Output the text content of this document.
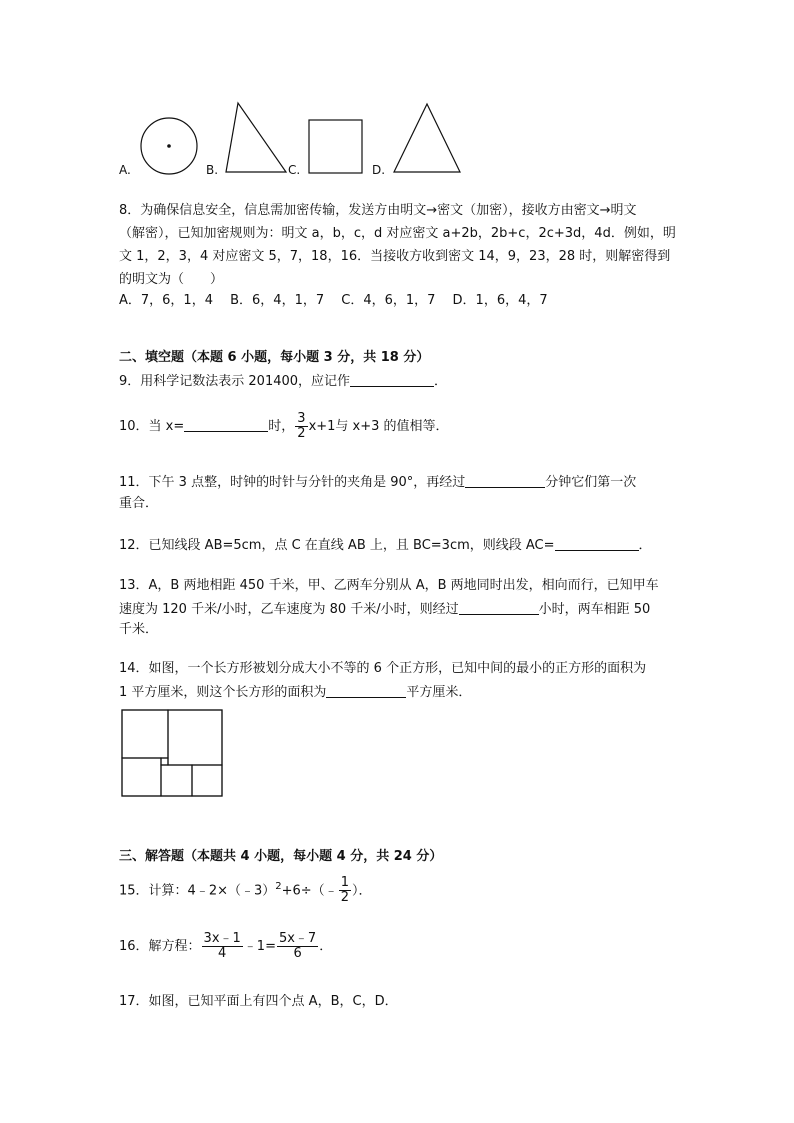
A.	B.	C.	D.
8．为确保信息安全，信息需加密传输，发送方由明文→密文（加密），接收方由密文→明文
（解密），已知加密规则为：明文 a，b，c，d 对应密文 a+2b，2b+c，2c+3d，4d．例如，明
文 1，2，3，4 对应密文 5，7，18，16．当接收方收到密文 14，9，23，28 时，则解密得到
的明文为（　　）
A．7，6，1，4　 B．6，4，1，7　 C．4，6，1，7　 D．1，6，4，7
二、填空题（本题 6 小题，每小题 3 分，共 18 分）
9．用科学记数法表示 201400，应记作	．
10．当 x=	时， $\frac{3}{2} x+1$与 x+3 的值相等．
11．下午 3 点整，时钟的时针与分针的夹角是 90°，再经过	分钟它们第一次
重合．
12．已知线段 AB=5cm，点 C 在直线 AB 上，且 BC=3cm，则线段 AC=	．
13．A，B 两地相距 450 千米，甲、乙两车分别从 A，B 两地同时出发，相向而行，已知甲车
速度为 120 千米/小时，乙车速度为 80 千米/小时，则经过	小时，两车相距 50
千米．
14．如图，一个长方形被划分成大小不等的 6 个正方形，已知中间的最小的正方形的面积为
1 平方厘米，则这个长方形的面积为	平方厘米．
三、解答题（本题共 4 小题，每小题 4 分，共 24 分）
15．计算：4﹣2×（﹣3）$^2$+6÷（﹣ $\frac{1}{2}$ ）．
16．解方程： $\frac{3x﹣1}{4}$ ﹣1= $\frac{5x﹣7}{6}$ ．
17．如图，已知平面上有四个点 A，B，C，D．
